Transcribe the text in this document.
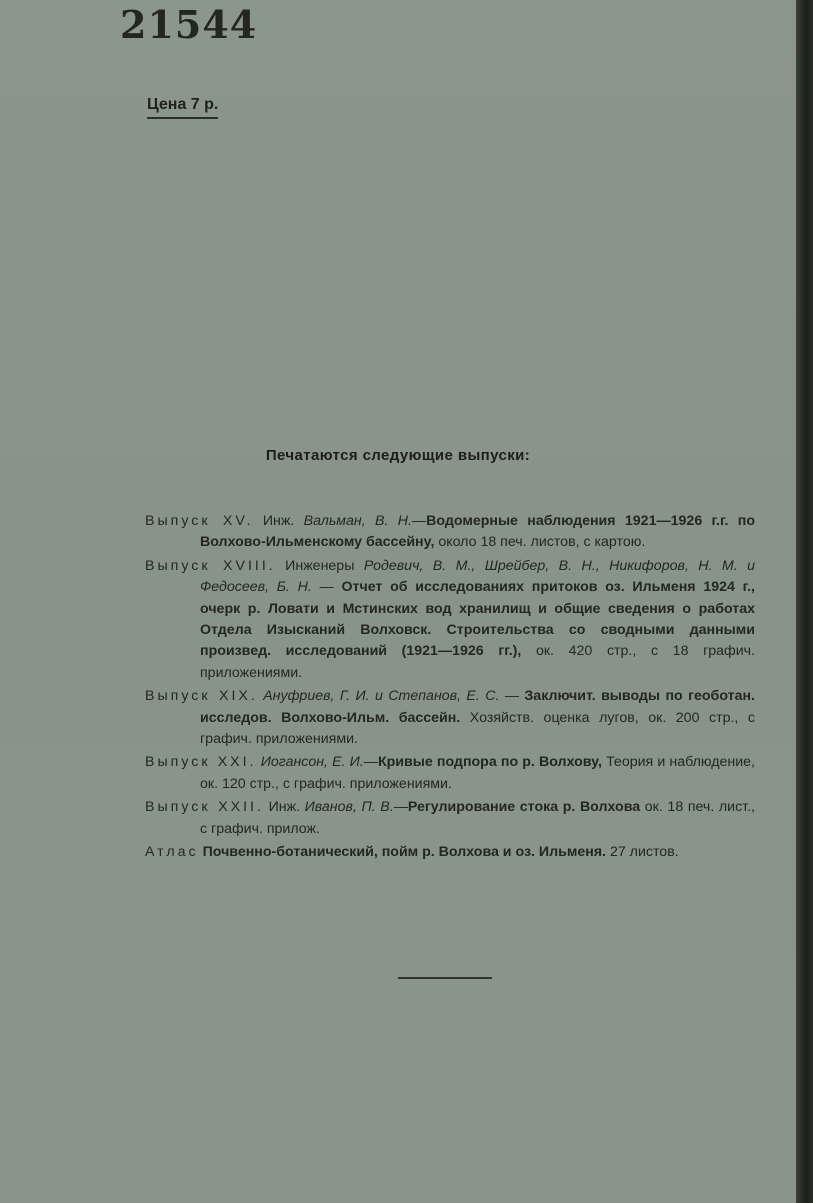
21544
Цена 7 р.
Печатаются следующие выпуски:
Выпуск XV. Инж. Вальман, В. Н.—Водомерные наблюдения 1921—1926 г.г. по Волхово-Ильменскому бассейну, около 18 печ. листов, с картою.
Выпуск XVIII. Инженеры Родевич, В. М., Шрейбер, В. Н., Никифоров, Н. М. и Федосеев, Б. Н. — Отчет об исследованиях притоков оз. Ильменя 1924 г., очерк р. Ловати и Мстинских вод хранилищ и общие сведения о работах Отдела Изысканий Волховск. Строительства со сводными данными произвед. исследований (1921—1926 гг.), ок. 420 стр., с 18 графич. приложениями.
Выпуск XIX. Ануфриев, Г. И. и Степанов, Е. С. — Заключит. выводы по геоботан. исследов. Волхово-Ильм. бассейн. Хозяйств. оценка лугов, ок. 200 стр., с графич. приложениями.
Выпуск XXI. Иогансон, Е. И.—Кривые подпора по р. Волхову, Теория и наблюдение, ок. 120 стр., с графич. приложениями.
Выпуск XXII. Инж. Иванов, П. В.—Регулирование стока р. Волхова ок. 18 печ. лист., с графич. прилож.
Атлас Почвенно-ботанический, пойм р. Волхова и оз. Ильменя. 27 листов.
